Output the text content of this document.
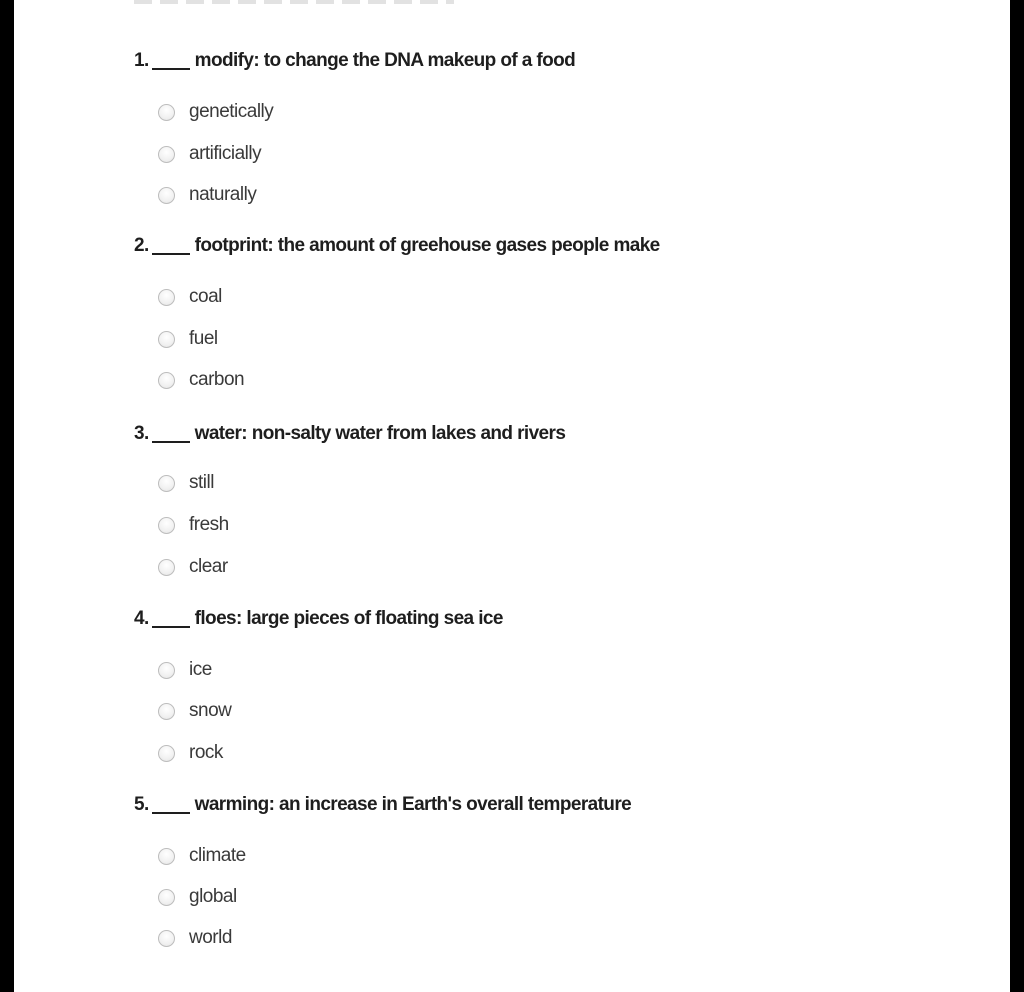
1. modify: to change the DNA makeup of a food
genetically
artificially
naturally
2. footprint: the amount of greehouse gases people make
coal
fuel
carbon
3. water: non-salty water from lakes and rivers
still
fresh
clear
4. floes: large pieces of floating sea ice
ice
snow
rock
5. warming: an increase in Earth's overall temperature
climate
global
world
